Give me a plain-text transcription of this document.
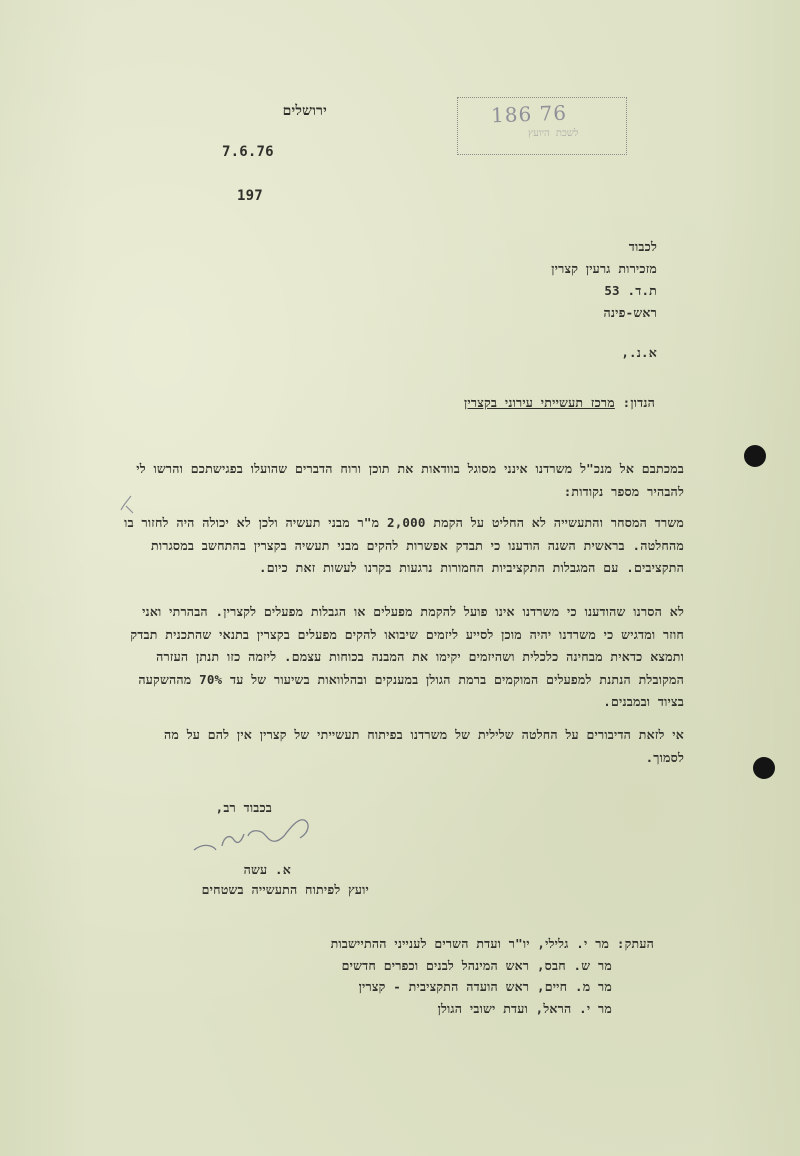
ירושלים
7.6.76
197
186 76
לשכת היועץ
לכבוד
מזכירות גרעין קצרין
ת.ד. 53
ראש-פינה
א.נ.,
הנדון: מרכז תעשייתי עירוני בקצרין
במכתבם אל מנכ"ל משרדנו אינני מסוגל בוודאות את תוכן ורוח הדברים שהועלו בפגישתכם והרשו לי להבהיר מספר נקודות:
משרד המסחר והתעשייה לא החליט על הקמת 2,000 מ"ר מבני תעשיה ולכן לא יכולה היה לחזור בו מהחלטה. בראשית השנה הודענו כי תבדק אפשרות להקים מבני תעשיה בקצרין בהתחשב במסגרות התקציבים. עם המגבלות התקציביות החמורות נרגעות בקרנו לעשות זאת כיום.
לא הסרנו שהודענו כי משרדנו אינו פועל להקמת מפעלים או הגבלות מפעלים לקצרין. הבהרתי ואני חוזר ומדגיש כי משרדנו יהיה מוכן לסייע ליזמים שיבואו להקים מפעלים בקצרין בתנאי שהתכנית תבדק ותמצא כדאית מבחינה כלכלית ושהיזמים יקימו את המבנה בכוחות עצמם. ליזמה כזו תנתן העזרה המקובלת הנתנת למפעלים המוקמים ברמת הגולן במענקים ובהלוואות בשיעור של עד 70% מההשקעה בציוד ובמבנים.
אי לזאת הדיבורים על החלטה שלילית של משרדנו בפיתוח תעשייתי של קצרין אין להם על מה לסמוך.
בכבוד רב,
א. עשה
יועץ לפיתוח התעשייה בשטחים
העתק: מר י. גלילי, יו"ר ועדת השרים לענייני ההתיישבות
מר ש. חבס, ראש המינהל לבנים וכפרים חדשים
מר מ. חיים, ראש הועדה התקציבית - קצרין
מר י. הראל, ועדת ישובי הגולן
